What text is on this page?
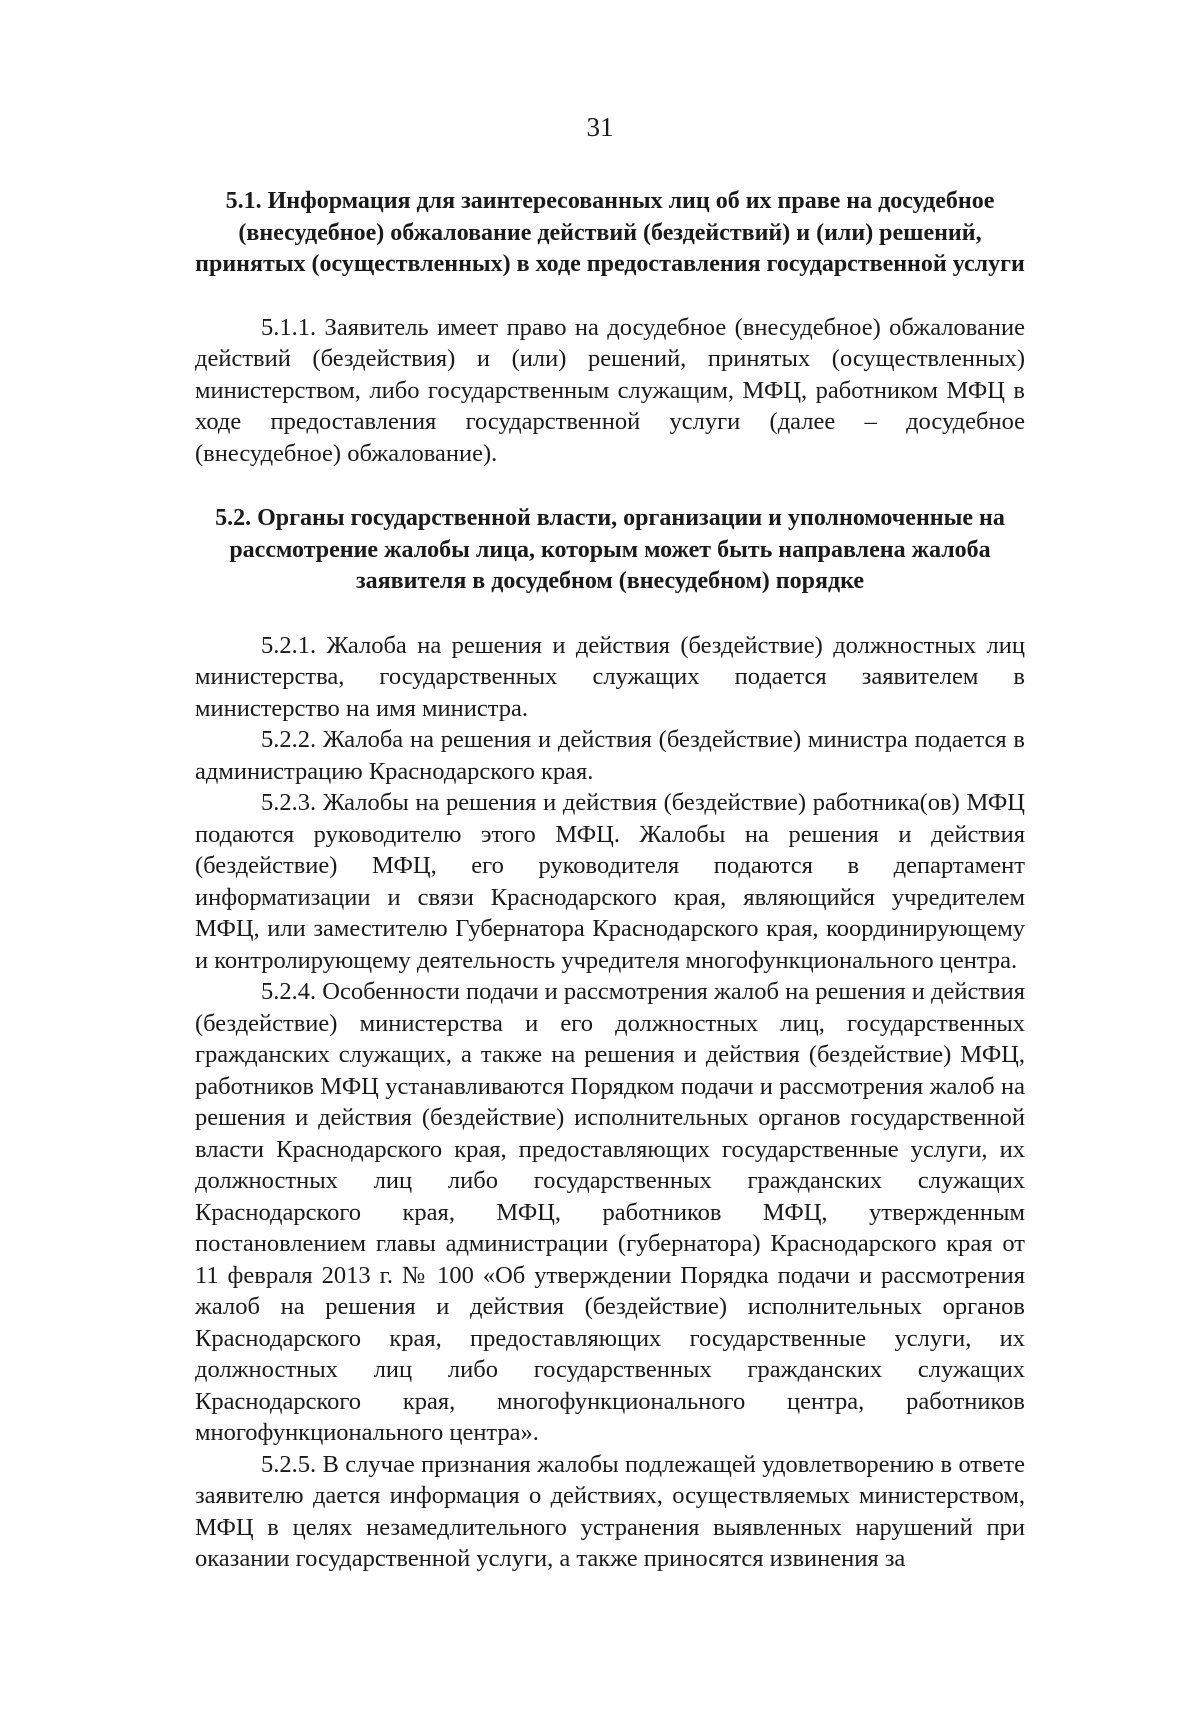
31
5.1. Информация для заинтересованных лиц об их праве на досудебное (внесудебное) обжалование действий (бездействий) и (или) решений, принятых (осуществленных) в ходе предоставления государственной услуги

5.1.1. Заявитель имеет право на досудебное (внесудебное) обжалование действий (бездействия) и (или) решений, принятых (осуществленных) министерством, либо государственным служащим, МФЦ, работником МФЦ в ходе предоставления государственной услуги (далее – досудебное (внесудебное) обжалование).

5.2. Органы государственной власти, организации и уполномоченные на рассмотрение жалобы лица, которым может быть направлена жалоба заявителя в досудебном (внесудебном) порядке

5.2.1. Жалоба на решения и действия (бездействие) должностных лиц министерства, государственных служащих подается заявителем в министерство на имя министра.

5.2.2. Жалоба на решения и действия (бездействие) министра подается в администрацию Краснодарского края.

5.2.3. Жалобы на решения и действия (бездействие) работника(ов) МФЦ подаются руководителю этого МФЦ. Жалобы на решения и действия (бездействие) МФЦ, его руководителя подаются в департамент информатизации и связи Краснодарского края, являющийся учредителем МФЦ, или заместителю Губернатора Краснодарского края, координирующему и контролирующему деятельность учредителя многофункционального центра.

5.2.4. Особенности подачи и рассмотрения жалоб на решения и действия (бездействие) министерства и его должностных лиц, государственных гражданских служащих, а также на решения и действия (бездействие) МФЦ, работников МФЦ устанавливаются Порядком подачи и рассмотрения жалоб на решения и действия (бездействие) исполнительных органов государственной власти Краснодарского края, предоставляющих государственные услуги, их должностных лиц либо государственных гражданских служащих Краснодарского края, МФЦ, работников МФЦ, утвержденным постановлением главы администрации (губернатора) Краснодарского края от 11 февраля 2013 г. № 100 «Об утверждении Порядка подачи и рассмотрения жалоб на решения и действия (бездействие) исполнительных органов Краснодарского края, предоставляющих государственные услуги, их должностных лиц либо государственных гражданских служащих Краснодарского края, многофункционального центра, работников многофункционального центра».

5.2.5. В случае признания жалобы подлежащей удовлетворению в ответе заявителю дается информация о действиях, осуществляемых министерством, МФЦ в целях незамедлительного устранения выявленных нарушений при оказании государственной услуги, а также приносятся извинения за
